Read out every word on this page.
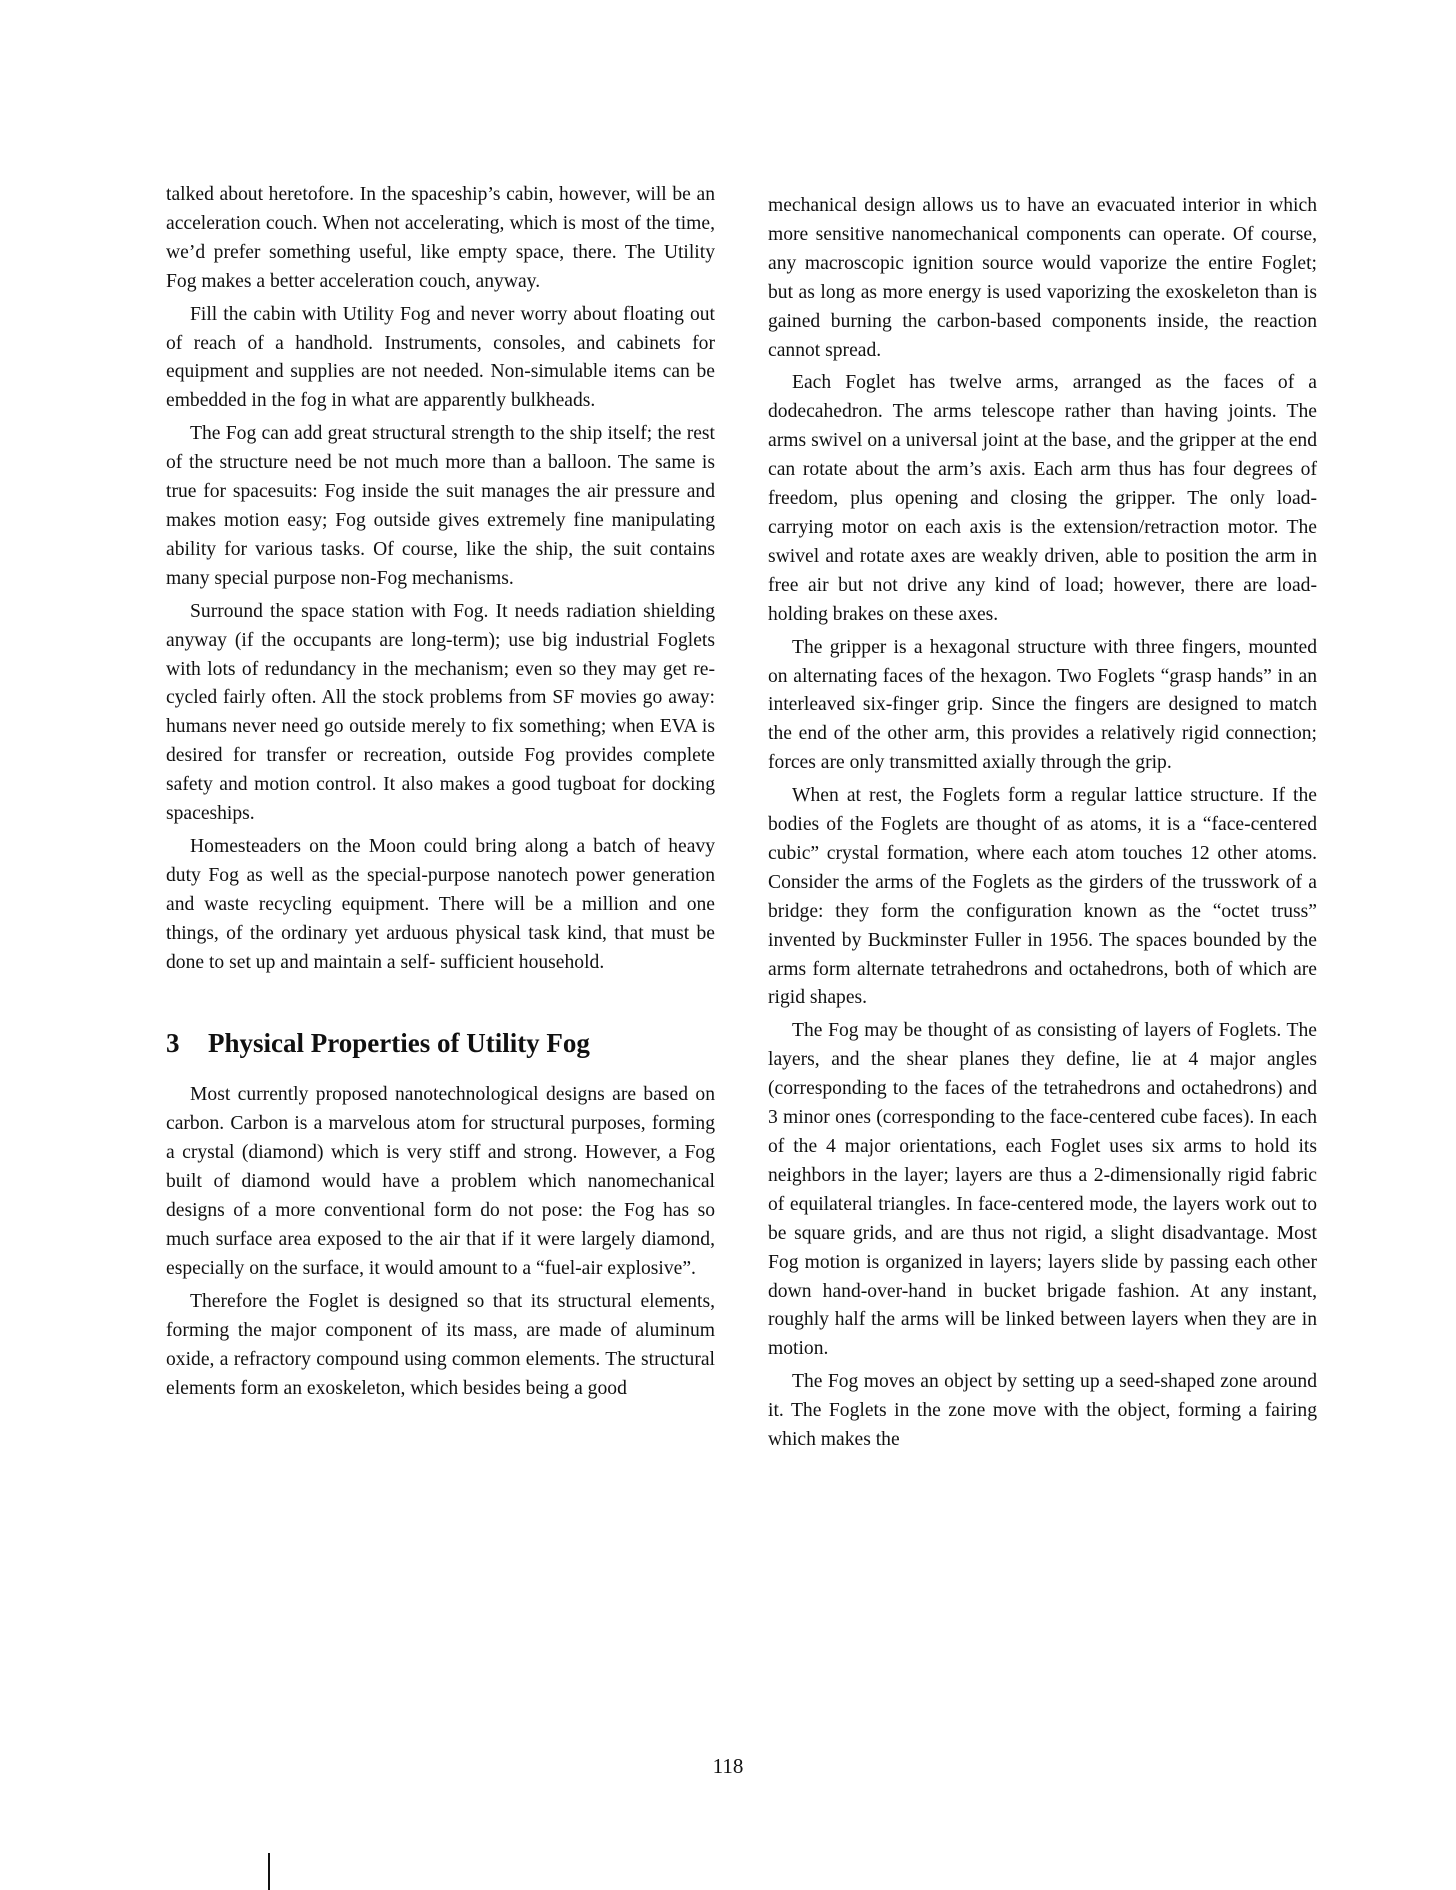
talked about heretofore. In the spaceship’s cabin, however, will be an acceleration couch. When not accelerating, which is most of the time, we’d prefer something useful, like empty space, there. The Utility Fog makes a better acceleration couch, anyway.

Fill the cabin with Utility Fog and never worry about floating out of reach of a handhold. Instruments, consoles, and cabinets for equipment and supplies are not needed. Non-simulable items can be embedded in the fog in what are apparently bulkheads.

The Fog can add great structural strength to the ship itself; the rest of the structure need be not much more than a balloon. The same is true for spacesuits: Fog inside the suit manages the air pressure and makes motion easy; Fog outside gives extremely fine manipulating ability for various tasks. Of course, like the ship, the suit contains many special purpose non-Fog mechanisms.

Surround the space station with Fog. It needs radiation shielding anyway (if the occupants are long-term); use big industrial Foglets with lots of redundancy in the mechanism; even so they may get recycled fairly often. All the stock problems from SF movies go away: humans never need go outside merely to fix something; when EVA is desired for transfer or recreation, outside Fog provides complete safety and motion control. It also makes a good tugboat for docking spaceships.

Homesteaders on the Moon could bring along a batch of heavy duty Fog as well as the special-purpose nanotech power generation and waste recycling equipment. There will be a million and one things, of the ordinary yet arduous physical task kind, that must be done to set up and maintain a self- sufficient household.

3 Physical Properties of Utility Fog

Most currently proposed nanotechnological designs are based on carbon. Carbon is a marvelous atom for structural purposes, forming a crystal (diamond) which is very stiff and strong. However, a Fog built of diamond would have a problem which nanomechanical designs of a more conventional form do not pose: the Fog has so much surface area exposed to the air that if it were largely diamond, especially on the surface, it would amount to a “fuel-air explosive”.

Therefore the Foglet is designed so that its structural elements, forming the major component of its mass, are made of aluminum oxide, a refractory compound using common elements. The structural elements form an exoskeleton, which besides being a good

mechanical design allows us to have an evacuated interior in which more sensitive nanomechanical components can operate. Of course, any macroscopic ignition source would vaporize the entire Foglet; but as long as more energy is used vaporizing the exoskeleton than is gained burning the carbon-based components inside, the reaction cannot spread.

Each Foglet has twelve arms, arranged as the faces of a dodecahedron. The arms telescope rather than having joints. The arms swivel on a universal joint at the base, and the gripper at the end can rotate about the arm’s axis. Each arm thus has four degrees of freedom, plus opening and closing the gripper. The only load-carrying motor on each axis is the extension/retraction motor. The swivel and rotate axes are weakly driven, able to position the arm in free air but not drive any kind of load; however, there are load-holding brakes on these axes.

The gripper is a hexagonal structure with three fingers, mounted on alternating faces of the hexagon. Two Foglets “grasp hands” in an interleaved six-finger grip. Since the fingers are designed to match the end of the other arm, this provides a relatively rigid connection; forces are only transmitted axially through the grip.

When at rest, the Foglets form a regular lattice structure. If the bodies of the Foglets are thought of as atoms, it is a “face-centered cubic” crystal formation, where each atom touches 12 other atoms. Consider the arms of the Foglets as the girders of the trusswork of a bridge: they form the configuration known as the “octet truss” invented by Buckminster Fuller in 1956. The spaces bounded by the arms form alternate tetrahedrons and octahedrons, both of which are rigid shapes.

The Fog may be thought of as consisting of layers of Foglets. The layers, and the shear planes they define, lie at 4 major angles (corresponding to the faces of the tetrahedrons and octahedrons) and 3 minor ones (corresponding to the face-centered cube faces). In each of the 4 major orientations, each Foglet uses six arms to hold its neighbors in the layer; layers are thus a 2-dimensionally rigid fabric of equilateral triangles. In face-centered mode, the layers work out to be square grids, and are thus not rigid, a slight disadvantage. Most Fog motion is organized in layers; layers slide by passing each other down hand-over-hand in bucket brigade fashion. At any instant, roughly half the arms will be linked between layers when they are in motion.

The Fog moves an object by setting up a seed-shaped zone around it. The Foglets in the zone move with the object, forming a fairing which makes the

118
